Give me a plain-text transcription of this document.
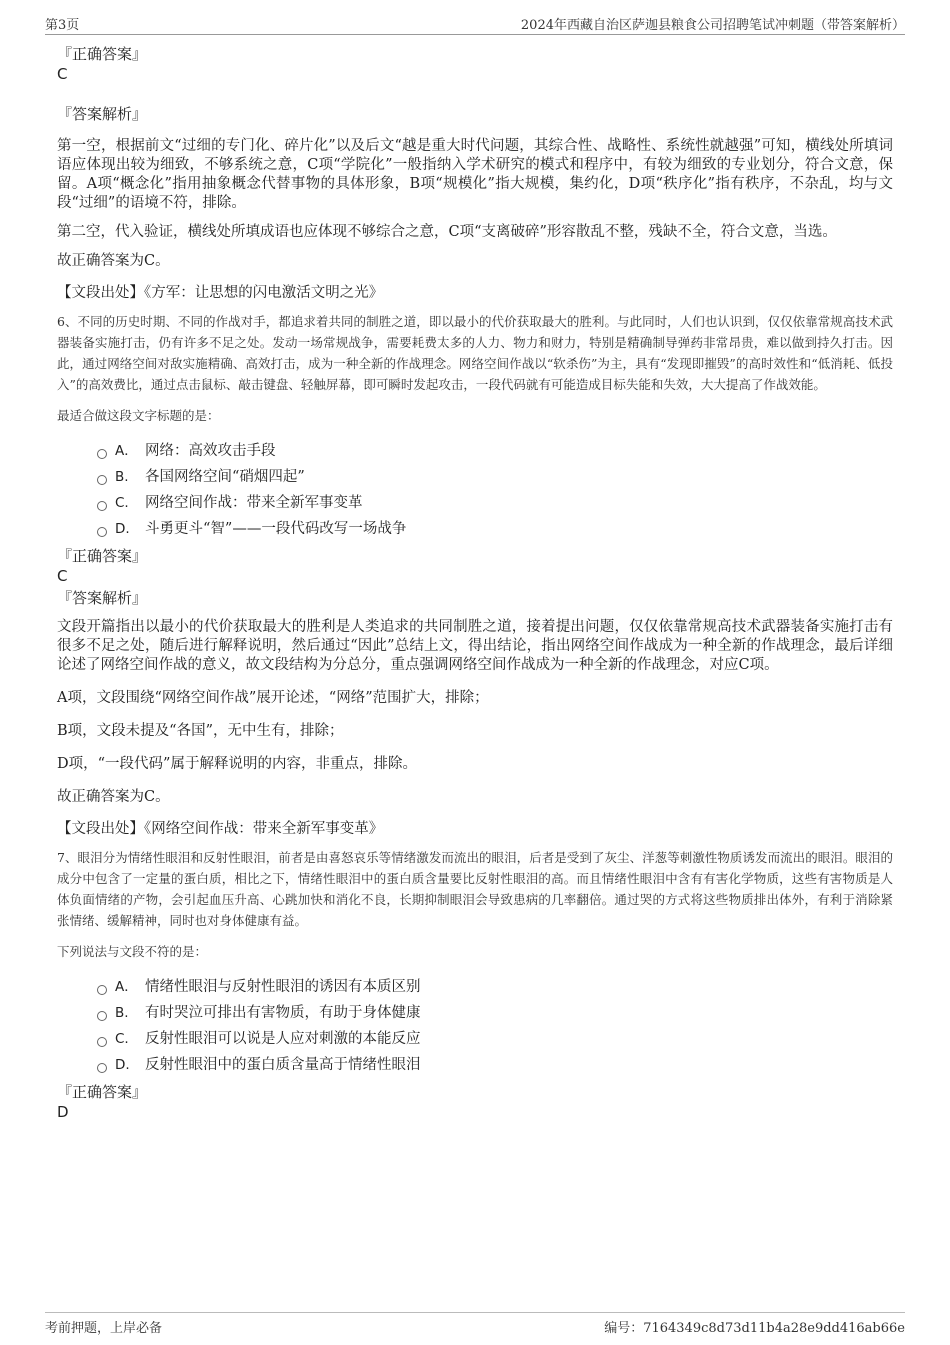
第3页	2024年西藏自治区萨迦县粮食公司招聘笔试冲刺题（带答案解析）

『正确答案』

C

『答案解析』

第一空，根据前文“过细的专门化、碎片化”以及后文“越是重大时代问题，其综合性、战略性、系统性就越强”可知，横线处所填词语应体现出较为细致，不够系统之意，C项“学院化”一般指纳入学术研究的模式和程序中，有较为细致的专业划分，符合文意，保留。A项“概念化”指用抽象概念代替事物的具体形象，B项“规模化”指大规模，集约化，D项“秩序化”指有秩序，不杂乱，均与文段“过细”的语境不符，排除。

第二空，代入验证，横线处所填成语也应体现不够综合之意，C项“支离破碎”形容散乱不整，残缺不全，符合文意，当选。

故正确答案为C。

【文段出处】《方军：让思想的闪电激活文明之光》

6、不同的历史时期、不同的作战对手，都追求着共同的制胜之道，即以最小的代价获取最大的胜利。与此同时，人们也认识到，仅仅依靠常规高技术武器装备实施打击，仍有许多不足之处。发动一场常规战争，需要耗费太多的人力、物力和财力，特别是精确制导弹药非常昂贵，难以做到持久打击。因此，通过网络空间对敌实施精确、高效打击，成为一种全新的作战理念。网络空间作战以“软杀伤”为主，具有“发现即摧毁”的高时效性和“低消耗、低投入”的高效费比，通过点击鼠标、敲击键盘、轻触屏幕，即可瞬时发起攻击，一段代码就有可能造成目标失能和失效，大大提高了作战效能。

最适合做这段文字标题的是：

A． 网络：高效攻击手段
B.	各国网络空间“硝烟四起”
C.	网络空间作战：带来全新军事变革
D.	斗勇更斗“智”——一段代码改写一场战争

『正确答案』

C

『答案解析』

文段开篇指出以最小的代价获取最大的胜利是人类追求的共同制胜之道，接着提出问题，仅仅依靠常规高技术武器装备实施打击有很多不足之处，随后进行解释说明，然后通过“因此”总结上文，得出结论，指出网络空间作战成为一种全新的作战理念，最后详细论述了网络空间作战的意义，故文段结构为分总分，重点强调网络空间作战成为一种全新的作战理念，对应C项。

A项，文段围绕“网络空间作战”展开论述，“网络”范围扩大，排除；

B项，文段未提及“各国”，无中生有，排除；

D项，“一段代码”属于解释说明的内容，非重点，排除。

故正确答案为C。

【文段出处】《网络空间作战：带来全新军事变革》

7、眼泪分为情绪性眼泪和反射性眼泪，前者是由喜怒哀乐等情绪激发而流出的眼泪，后者是受到了灰尘、洋葱等刺激性物质诱发而流出的眼泪。眼泪的成分中包含了一定量的蛋白质，相比之下，情绪性眼泪中的蛋白质含量要比反射性眼泪的高。而且情绪性眼泪中含有有害化学物质，这些有害物质是人体负面情绪的产物，会引起血压升高、心跳加快和消化不良，长期抑制眼泪会导致患病的几率翻倍。通过哭的方式将这些物质排出体外，有利于消除紧张情绪、缓解精神，同时也对身体健康有益。

下列说法与文段不符的是：

A． 情绪性眼泪与反射性眼泪的诱因有本质区别
B.	有时哭泣可排出有害物质，有助于身体健康
C.	反射性眼泪可以说是人应对刺激的本能反应
D.	反射性眼泪中的蛋白质含量高于情绪性眼泪

『正确答案』

D

考前押题，上岸必备	编号：7164349c8d73d11b4a28e9dd416ab66e
